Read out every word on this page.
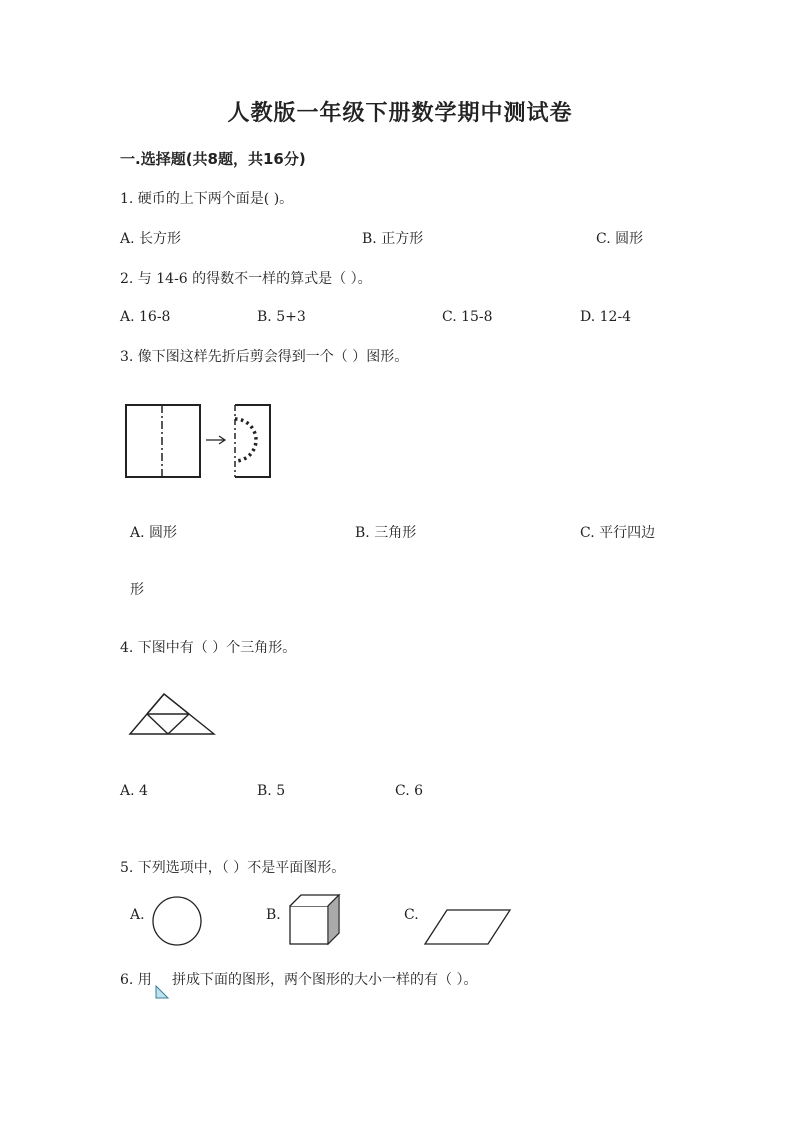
人教版一年级下册数学期中测试卷
一.选择题(共8题，共16分)
1. 硬币的上下两个面是( )。
A. 长方形	B. 正方形	C. 圆形
2. 与 14-6 的得数不一样的算式是（ ）。
A. 16-8	B. 5+3	C. 15-8	D. 12-4
3. 像下图这样先折后剪会得到一个（ ）图形。
A. 圆形	B. 三角形	C. 平行四边
形
4. 下图中有（ ）个三角形。
A. 4	B. 5	C. 6
5. 下列选项中，（ ）不是平面图形。
A.	B.	C.
6. 用 拼成下面的图形，两个图形的大小一样的有（ ）。
